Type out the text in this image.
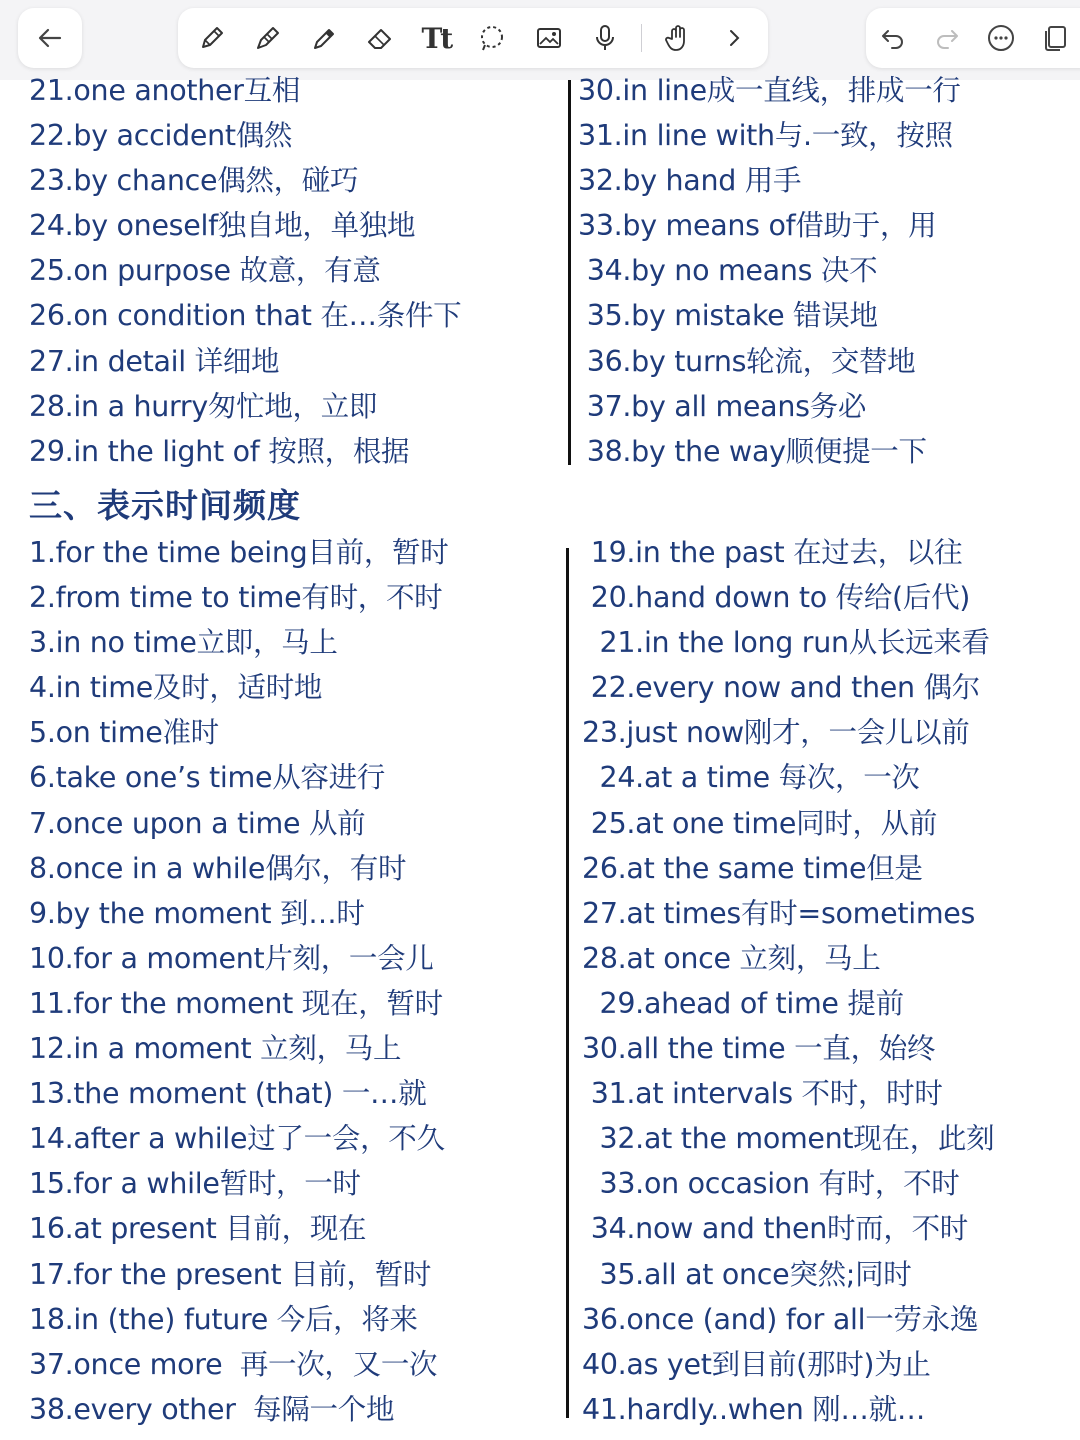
Tt
21.one another互相
22.by accident偶然
23.by chance偶然，碰巧
24.by oneself独自地，单独地
25.on purpose 故意，有意
26.on condition that 在…条件下
27.in detail 详细地
28.in a hurry匆忙地，立即
29.in the light of 按照，根据
30.in line成一直线，排成一行
31.in line with与.一致，按照
32.by hand 用手
33.by means of借助于，用
34.by no means 决不
35.by mistake 错误地
36.by turns轮流，交替地
37.by all means务必
38.by the way顺便提一下
三、表示时间频度
1.for the time being目前，暂时
2.from time to time有时，不时
3.in no time立即，马上
4.in time及时，适时地
5.on time准时
6.take one’s time从容进行
7.once upon a time 从前
8.once in a while偶尔，有时
9.by the moment 到…时
10.for a moment片刻，一会儿
11.for the moment 现在，暂时
12.in a moment 立刻，马上
13.the moment (that) 一…就
14.after a while过了一会，不久
15.for a while暂时，一时
16.at present 目前，现在
17.for the present 目前，暂时
18.in (the) future 今后，将来
37.once more  再一次，又一次
38.every other  每隔一个地
19.in the past 在过去，以往
20.hand down to 传给(后代)
21.in the long run从长远来看
22.every now and then 偶尔
23.just now刚才，一会儿以前
24.at a time 每次，一次
25.at one time同时，从前
26.at the same time但是
27.at times有时=sometimes
28.at once 立刻，马上
29.ahead of time 提前
30.all the time 一直，始终
31.at intervals 不时，时时
32.at the moment现在，此刻
33.on occasion 有时，不时
34.now and then时而，不时
35.all at once突然;同时
36.once (and) for all一劳永逸
40.as yet到目前(那时)为止
41.hardly..when 刚…就…
